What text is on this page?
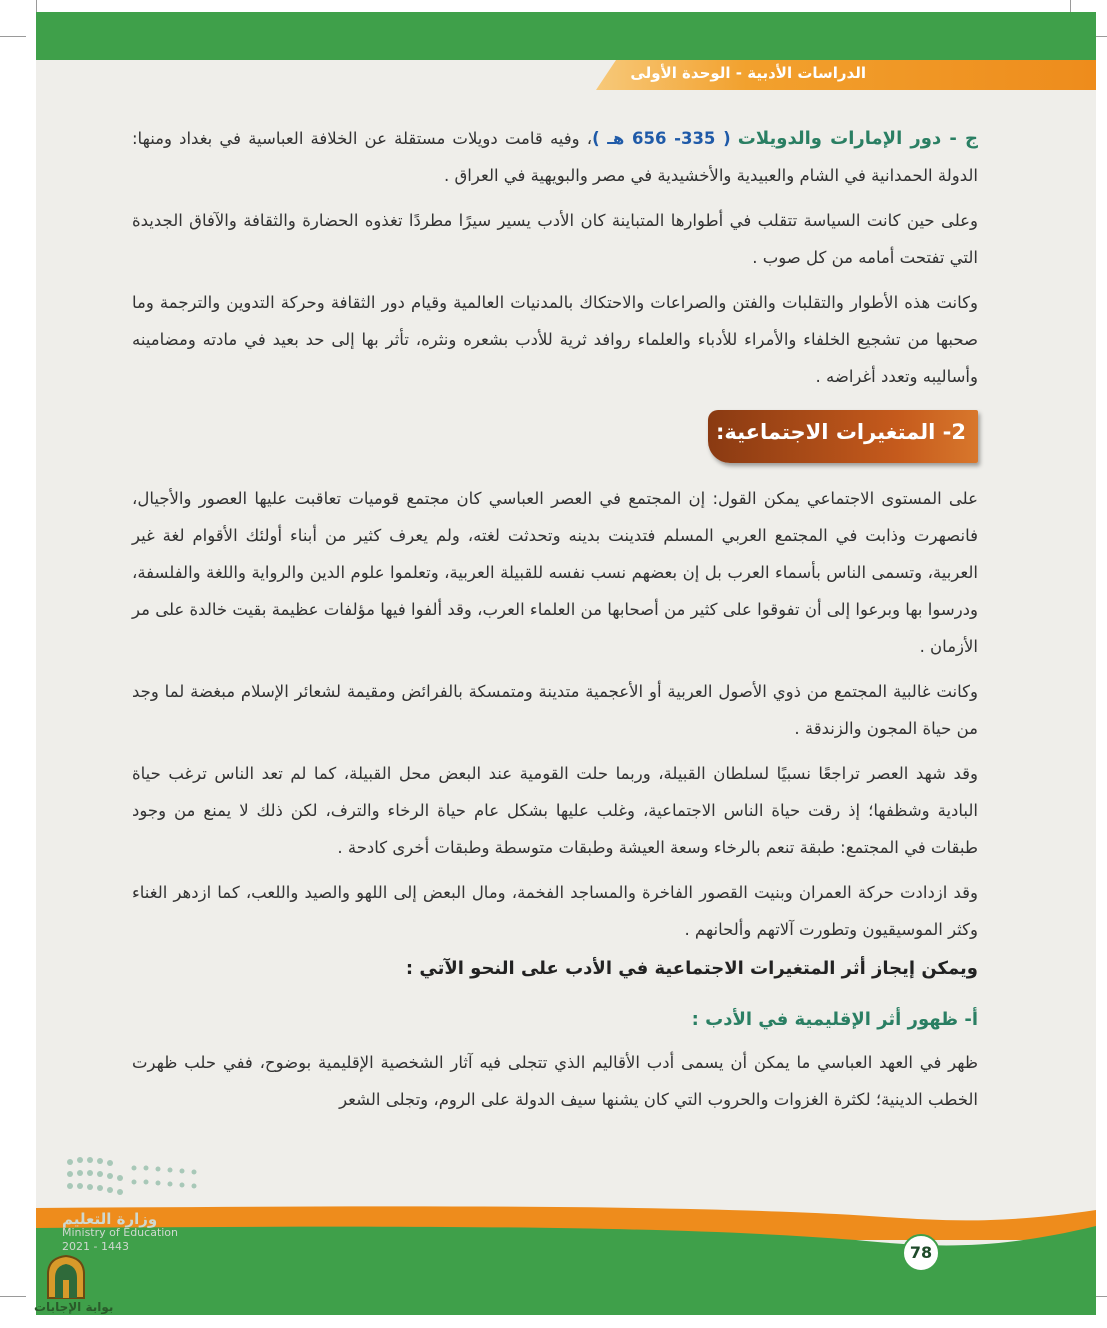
الدراسات الأدبية - الوحدة الأولى

ج - دور الإمارات والدويلات ( 335- 656 هـ )، وفيه قامت دويلات مستقلة عن الخلافة العباسية في بغداد ومنها: الدولة الحمدانية في الشام والعبيدية والأخشيدية في مصر والبويهية في العراق .

وعلى حين كانت السياسة تتقلب في أطوارها المتباينة كان الأدب يسير سيرًا مطردًا تغذوه الحضارة والثقافة والآفاق الجديدة التي تفتحت أمامه من كل صوب .

وكانت هذه الأطوار والتقلبات والفتن والصراعات والاحتكاك بالمدنيات العالمية وقيام دور الثقافة وحركة التدوين والترجمة وما صحبها من تشجيع الخلفاء والأمراء للأدباء والعلماء روافد ثرية للأدب بشعره ونثره، تأثر بها إلى حد بعيد في مادته ومضامينه وأساليبه وتعدد أغراضه .

2- المتغيرات الاجتماعية:

على المستوى الاجتماعي يمكن القول: إن المجتمع في العصر العباسي كان مجتمع قوميات تعاقبت عليها العصور والأجيال، فانصهرت وذابت في المجتمع العربي المسلم فتدينت بدينه وتحدثت لغته، ولم يعرف كثير من أبناء أولئك الأقوام لغة غير العربية، وتسمى الناس بأسماء العرب بل إن بعضهم نسب نفسه للقبيلة العربية، وتعلموا علوم الدين والرواية واللغة والفلسفة، ودرسوا بها وبرعوا إلى أن تفوقوا على كثير من أصحابها من العلماء العرب، وقد ألفوا فيها مؤلفات عظيمة بقيت خالدة على مر الأزمان .

وكانت غالبية المجتمع من ذوي الأصول العربية أو الأعجمية متدينة ومتمسكة بالفرائض ومقيمة لشعائر الإسلام مبغضة لما وجد من حياة المجون والزندقة .

وقد شهد العصر تراجعًا نسبيًا لسلطان القبيلة، وربما حلت القومية عند البعض محل القبيلة، كما لم تعد الناس ترغب حياة البادية وشظفها؛ إذ رقت حياة الناس الاجتماعية، وغلب عليها بشكل عام حياة الرخاء والترف، لكن ذلك لا يمنع من وجود طبقات في المجتمع: طبقة تنعم بالرخاء وسعة العيشة وطبقات متوسطة وطبقات أخرى كادحة .

وقد ازدادت حركة العمران وبنيت القصور الفاخرة والمساجد الفخمة، ومال البعض إلى اللهو والصيد واللعب، كما ازدهر الغناء وكثر الموسيقيون وتطورت آلاتهم وألحانهم .

ويمكن إيجاز أثر المتغيرات الاجتماعية في الأدب على النحو الآتي :

أ- ظهور أثر الإقليمية في الأدب :

ظهر في العهد العباسي ما يمكن أن يسمى أدب الأقاليم الذي تتجلى فيه آثار الشخصية الإقليمية بوضوح، ففي حلب ظهرت الخطب الدينية؛ لكثرة الغزوات والحروب التي كان يشنها سيف الدولة على الروم، وتجلى الشعر

78
وزارة التعليم
Ministry of Education
2021 - 1443
بوابة الإجابات
